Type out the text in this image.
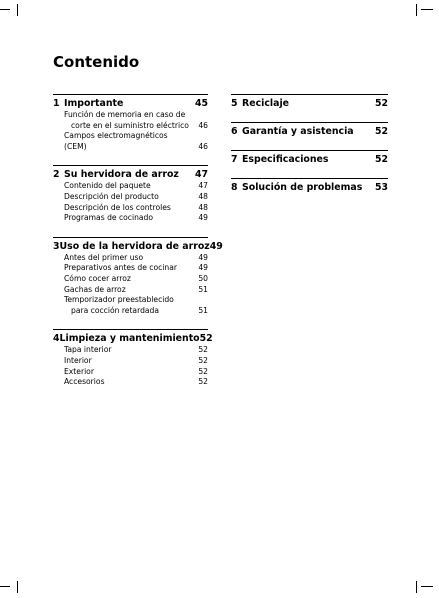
Contenido
1 Importante	45
Función de memoria en caso de
corte en el suministro eléctrico	46
Campos electromagnéticos (CEM)	46
2 Su hervidora de arroz	47
Contenido del paquete	47
Descripción del producto	48
Descripción de los controles	48
Programas de cocinado	49
3 Uso de la hervidora de arroz 49
Antes del primer uso	49
Preparativos antes de cocinar	49
Cómo cocer arroz	50
Gachas de arroz	51
Temporizador preestablecido
para cocción retardada	51
4 Limpieza y mantenimiento 52
Tapa interior	52
Interior	52
Exterior	52
Accesorios	52
5 Reciclaje	52
6 Garantía y asistencia	52
7 Especificaciones	52
8 Solución de problemas	53
